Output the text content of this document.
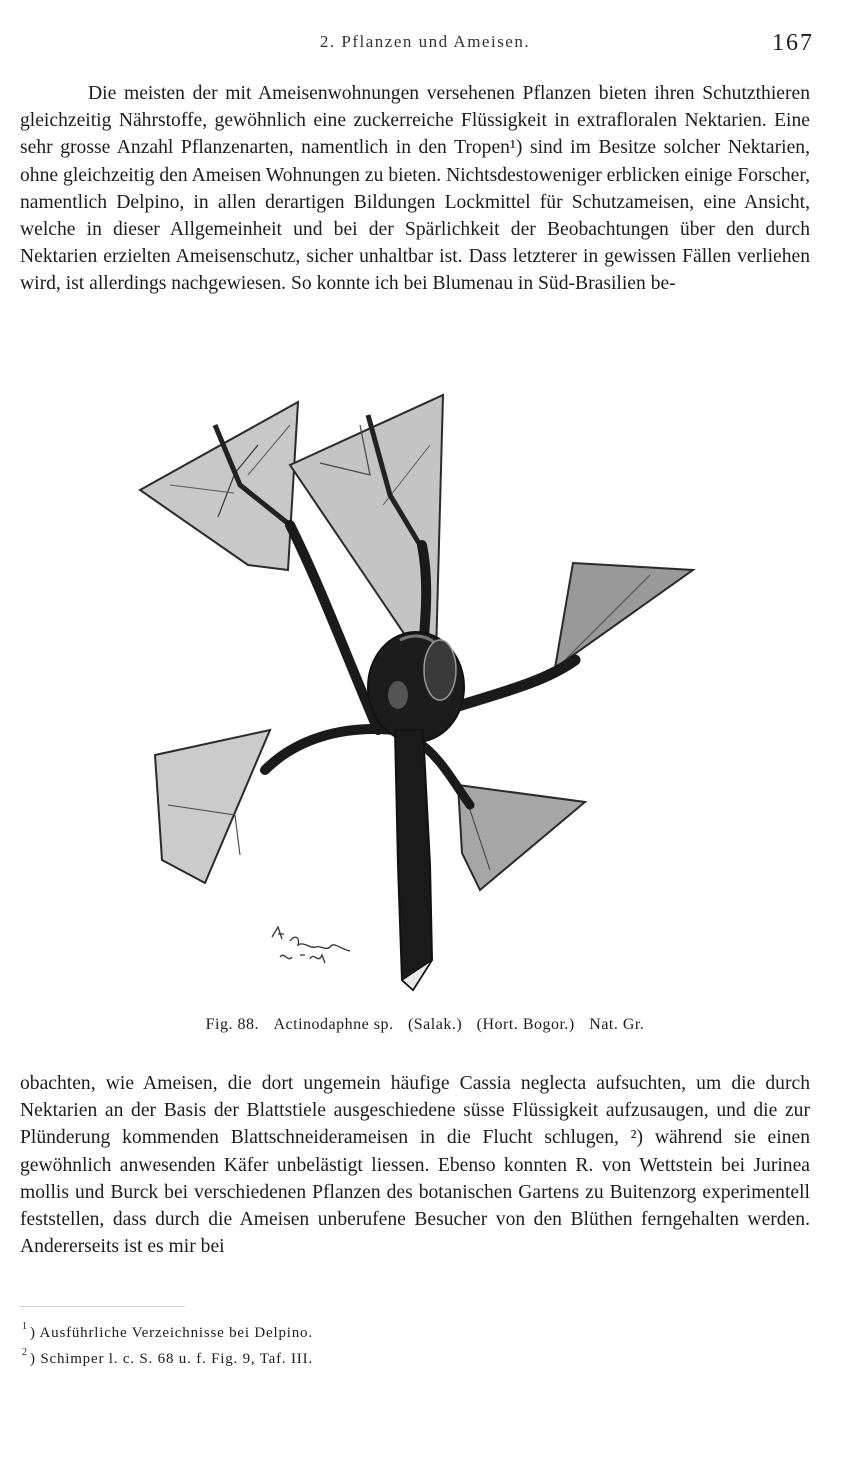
2. Pflanzen und Ameisen.	167

Die meisten der mit Ameisenwohnungen versehenen Pflanzen bieten ihren Schutzthieren gleichzeitig Nährstoffe, gewöhnlich eine zuckerreiche Flüssigkeit in extrafloralen Nektarien. Eine sehr grosse Anzahl Pflanzenarten, namentlich in den Tropen¹) sind im Besitze solcher Nektarien, ohne gleichzeitig den Ameisen Wohnungen zu bieten. Nichtsdestoweniger erblicken einige Forscher, namentlich Delpino, in allen derartigen Bildungen Lockmittel für Schutzameisen, eine Ansicht, welche in dieser Allgemeinheit und bei der Spärlichkeit der Beobachtungen über den durch Nektarien erzielten Ameisenschutz, sicher unhaltbar ist. Dass letzterer in gewissen Fällen verliehen wird, ist allerdings nachgewiesen. So konnte ich bei Blumenau in Süd-Brasilien be-

Fig. 88. Actinodaphne sp. (Salak.) (Hort. Bogor.) Nat. Gr.

obachten, wie Ameisen, die dort ungemein häufige Cassia neglecta aufsuchten, um die durch Nektarien an der Basis der Blattstiele ausgeschiedene süsse Flüssigkeit aufzusaugen, und die zur Plünderung kommenden Blattschneiderameisen in die Flucht schlugen, ²) während sie einen gewöhnlich anwesenden Käfer unbelästigt liessen. Ebenso konnten R. von Wettstein bei Jurinea mollis und Burck bei verschiedenen Pflanzen des botanischen Gartens zu Buitenzorg experimentell feststellen, dass durch die Ameisen unberufene Besucher von den Blüthen ferngehalten werden. Andererseits ist es mir bei

$^1$ ) Ausführliche Verzeichnisse bei Delpino.
$^2$ ) Schimper l. c. S. 68 u. f. Fig. 9, Taf. III.
